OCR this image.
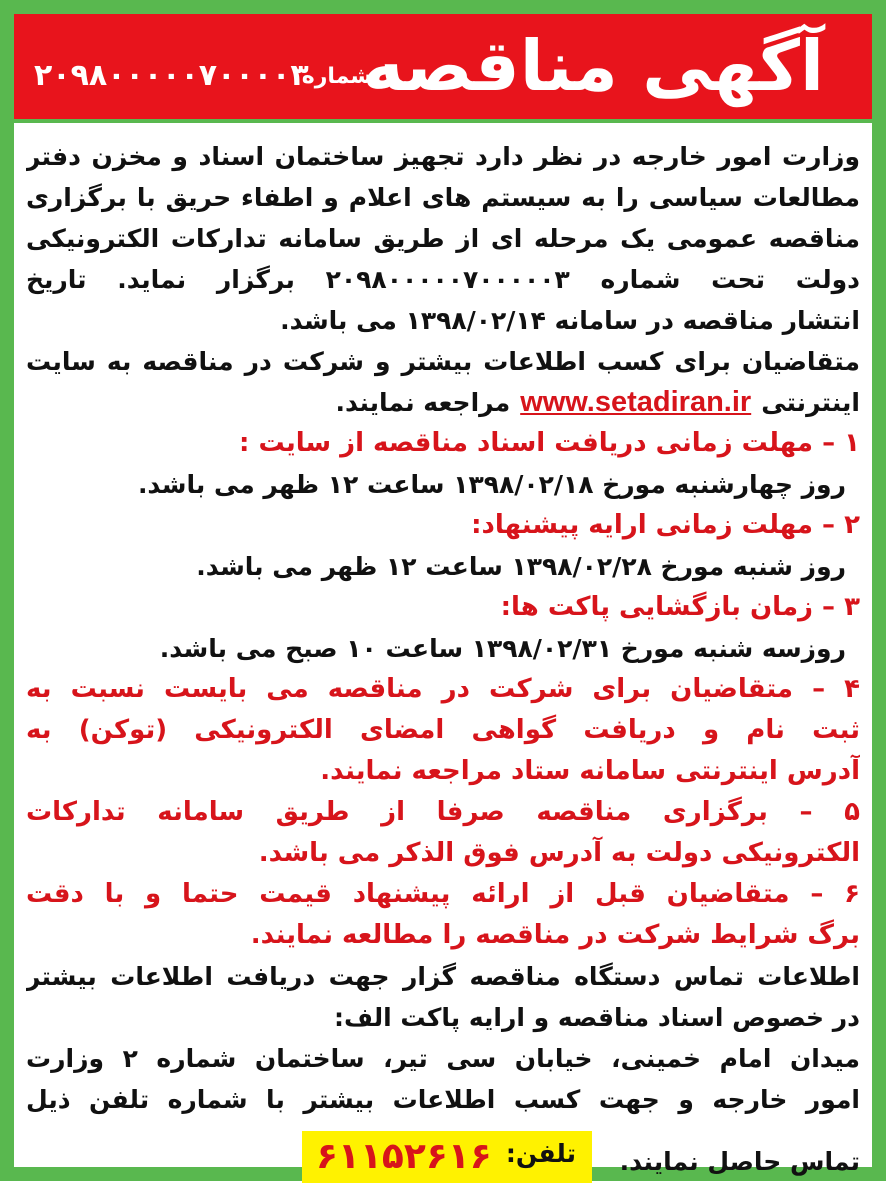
آگهی مناقصه
شماره
۲۰۹۸۰۰۰۰۰۷۰۰۰۰۳
وزارت امور خارجه در نظر دارد تجهیز ساختمان اسناد و مخزن دفتر
مطالعات سیاسی را به سیستم های اعلام و اطفاء حریق با برگزاری
مناقصه عمومی یک مرحله ای از طریق سامانه تدارکات الکترونیکی
دولت تحت شماره ۲۰۹۸۰۰۰۰۰۷۰۰۰۰۰۳ برگزار نماید. تاریخ
انتشار مناقصه در سامانه ۱۳۹۸/۰۲/۱۴ می باشد.
متقاضیان برای کسب اطلاعات بیشتر و شرکت در مناقصه به سایت
اینترنتیwww.setadiran.irمراجعه نمایند.
۱ – مهلت زمانی دریافت اسناد مناقصه از سایت :
روز چهارشنبه مورخ ۱۳۹۸/۰۲/۱۸ ساعت ۱۲ ظهر می باشد.
۲ – مهلت زمانی ارایه پیشنهاد:
روز شنبه مورخ ۱۳۹۸/۰۲/۲۸ ساعت ۱۲ ظهر می باشد.
۳ – زمان بازگشایی پاکت ها:
روزسه شنبه مورخ ۱۳۹۸/۰۲/۳۱ ساعت ۱۰ صبح می باشد.
۴ – متقاضیان برای شرکت در مناقصه می بایست نسبت به
ثبت نام و دریافت گواهی امضای الکترونیکی (توکن) به
آدرس اینترنتی سامانه ستاد مراجعه نمایند.
۵ – برگزاری مناقصه صرفا از طریق سامانه تدارکات
الکترونیکی دولت به آدرس فوق الذکر می باشد.
۶ – متقاضیان قبل از ارائه پیشنهاد قیمت حتما و با دقت
برگ شرایط شرکت در مناقصه را مطالعه نمایند.
اطلاعات تماس دستگاه مناقصه گزار جهت دریافت اطلاعات بیشتر
در خصوص اسناد مناقصه و ارایه پاکت الف:
میدان امام خمینی، خیابان سی تیر، ساختمان شماره ۲ وزارت
امور خارجه و جهت کسب اطلاعات بیشتر با شماره تلفن ذیل
تماس حاصل نمایند.
تلفن:
۶۱۱۵۲۶۱۶
